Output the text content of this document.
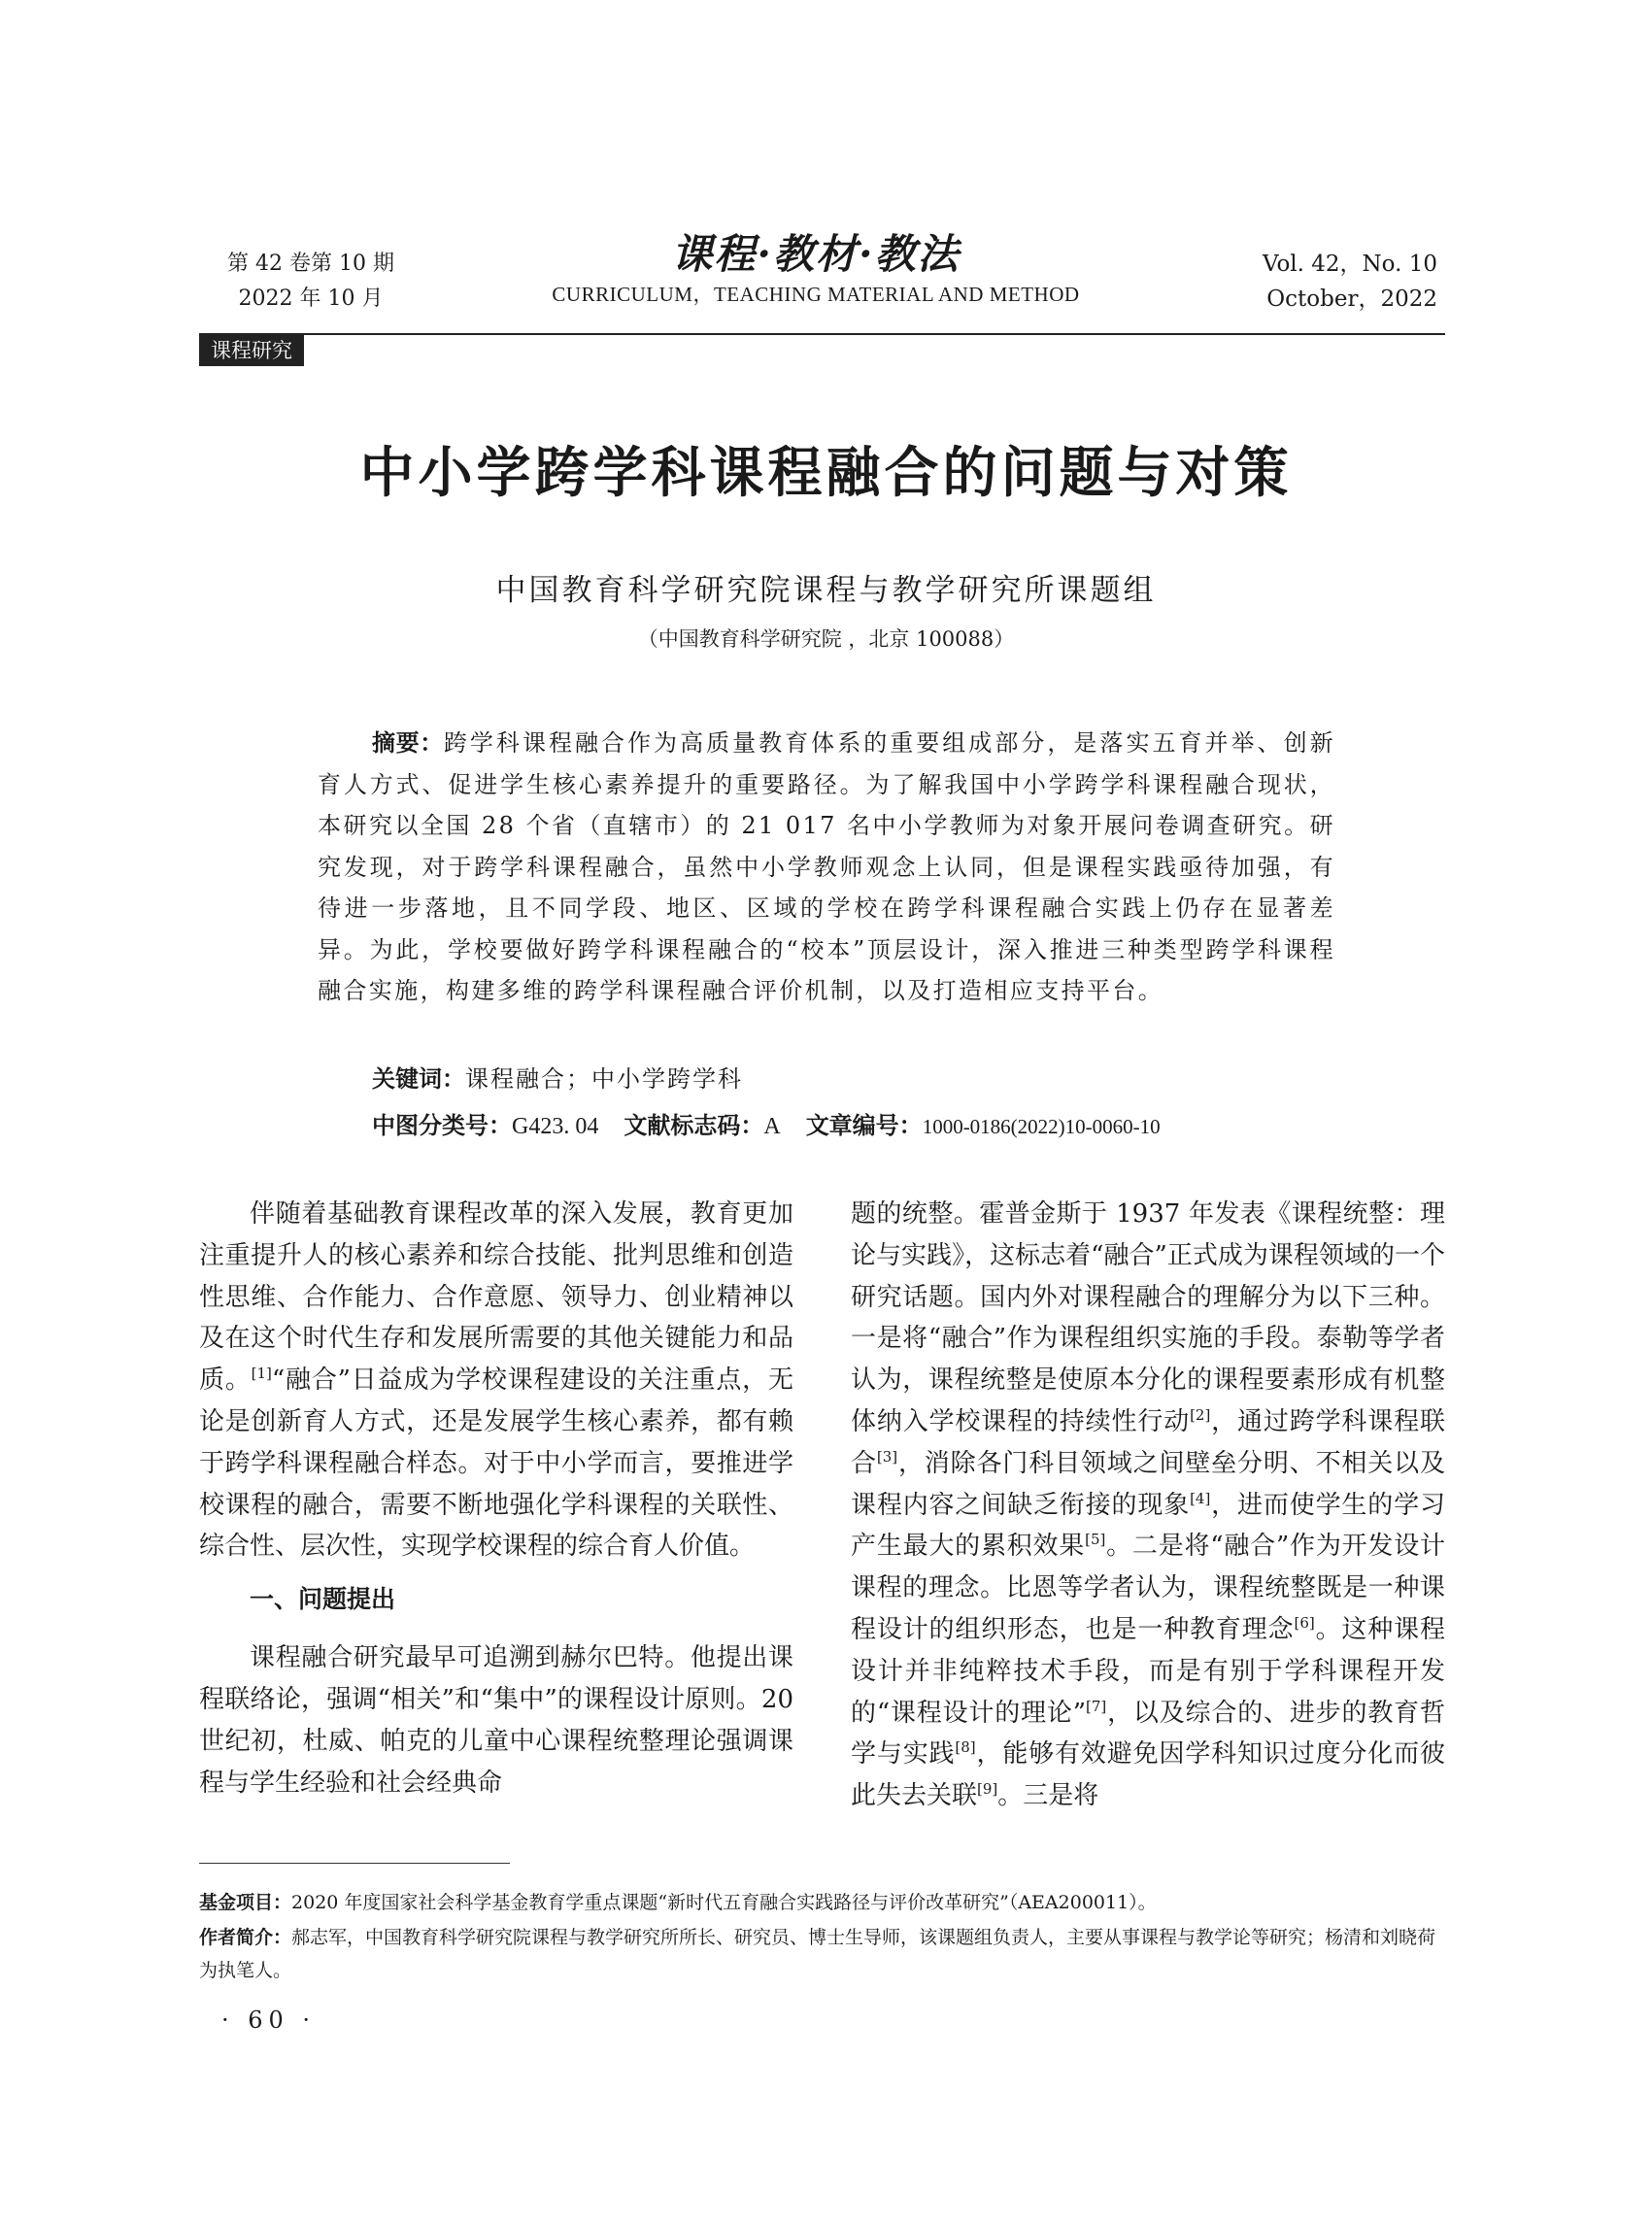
第 42 卷第 10 期
2022 年 10 月
课程·教材·教法
CURRICULUM，TEACHING MATERIAL AND METHOD
Vol. 42，No. 10
October，2022
课程研究
中小学跨学科课程融合的问题与对策
中国教育科学研究院课程与教学研究所课题组
（中国教育科学研究院 ，北京 100088）
摘要：跨学科课程融合作为高质量教育体系的重要组成部分，是落实五育并举、创新育人方式、促进学生核心素养提升的重要路径。为了解我国中小学跨学科课程融合现状，本研究以全国 28 个省（直辖市）的 21 017 名中小学教师为对象开展问卷调查研究。研究发现，对于跨学科课程融合，虽然中小学教师观念上认同，但是课程实践亟待加强，有待进一步落地，且不同学段、地区、区域的学校在跨学科课程融合实践上仍存在显著差异。为此，学校要做好跨学科课程融合的“校本”顶层设计，深入推进三种类型跨学科课程融合实施，构建多维的跨学科课程融合评价机制，以及打造相应支持平台。
关键词：课程融合；中小学跨学科
中图分类号：G423. 04 文献标志码：A 文章编号：1000-0186(2022)10-0060-10

伴随着基础教育课程改革的深入发展，教育更加注重提升人的核心素养和综合技能、批判思维和创造性思维、合作能力、合作意愿、领导力、创业精神以及在这个时代生存和发展所需要的其他关键能力和品质。[1]“融合”日益成为学校课程建设的关注重点，无论是创新育人方式，还是发展学生核心素养，都有赖于跨学科课程融合样态。对于中小学而言，要推进学校课程的融合，需要不断地强化学科课程的关联性、综合性、层次性，实现学校课程的综合育人价值。

一、问题提出

课程融合研究最早可追溯到赫尔巴特。他提出课程联络论，强调“相关”和“集中”的课程设计原则。20 世纪初，杜威、帕克的儿童中心课程统整理论强调课程与学生经验和社会经典命

题的统整。霍普金斯于 1937 年发表《课程统整：理论与实践》，这标志着“融合”正式成为课程领域的一个研究话题。国内外对课程融合的理解分为以下三种。一是将“融合”作为课程组织实施的手段。泰勒等学者认为，课程统整是使原本分化的课程要素形成有机整体纳入学校课程的持续性行动[2]，通过跨学科课程联合[3]，消除各门科目领域之间壁垒分明、不相关以及课程内容之间缺乏衔接的现象[4]，进而使学生的学习产生最大的累积效果[5]。二是将“融合”作为开发设计课程的理念。比恩等学者认为，课程统整既是一种课程设计的组织形态，也是一种教育理念[6]。这种课程设计并非纯粹技术手段，而是有别于学科课程开发的“课程设计的理论”[7]，以及综合的、进步的教育哲学与实践[8]，能够有效避免因学科知识过度分化而彼此失去关联[9]。三是将

基金项目：2020 年度国家社会科学基金教育学重点课题“新时代五育融合实践路径与评价改革研究”（AEA200011）。
作者简介：郝志军，中国教育科学研究院课程与教学研究所所长、研究员、博士生导师，该课题组负责人，主要从事课程与教学论等研究；杨清和刘晓荷为执笔人。
· 60 ·
